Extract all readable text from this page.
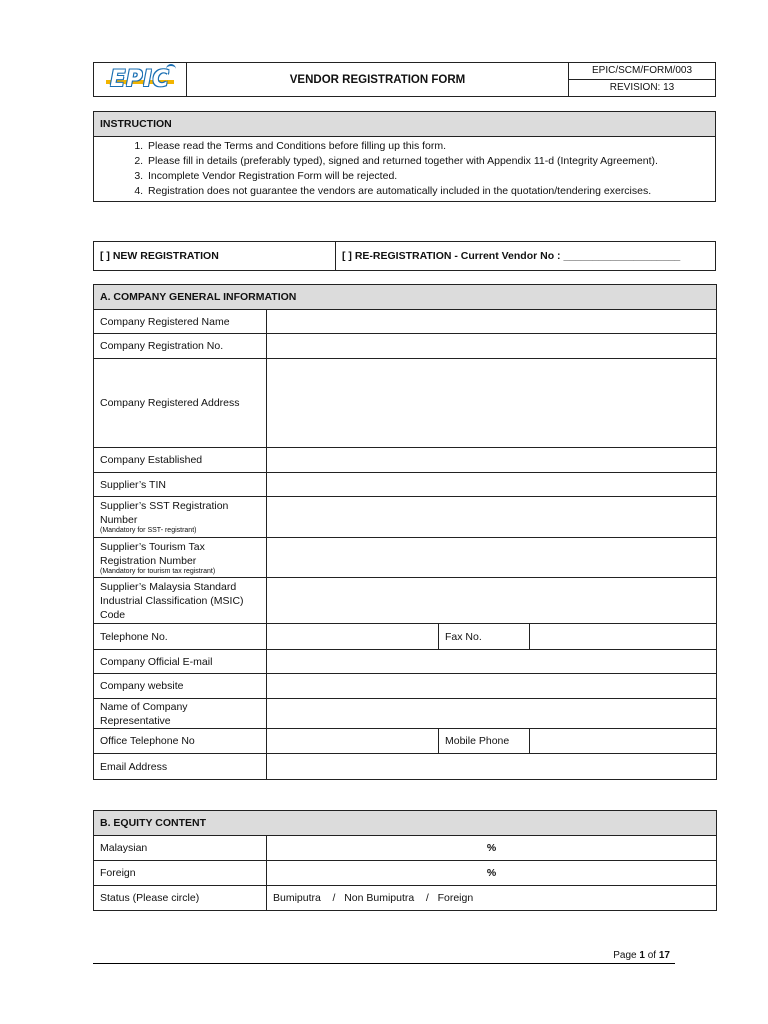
EPIC	VENDOR REGISTRATION FORM	EPIC/SCM/FORM/003
REVISION: 13
INSTRUCTION

1. Please read the Terms and Conditions before filling up this form.
2. Please fill in details (preferably typed), signed and returned together with Appendix 11-d (Integrity Agreement).
3. Incomplete Vendor Registration Form will be rejected.
4. Registration does not guarantee the vendors are automatically included in the quotation/tendering exercises.
[ ] NEW REGISTRATION	[ ] RE-REGISTRATION - Current Vendor No : ____________________
A. COMPANY GENERAL INFORMATION			
Company Registered Name			
Company Registration No.			
Company Registered Address			
Company Established			
Supplier’s TIN			
Supplier’s SST Registration Number
(Mandatory for SST- registrant)			

Supplier’s Tourism Tax Registration Number
(Mandatory for tourism tax registrant)			

Supplier’s Malaysia Standard Industrial Classification (MSIC) Code			
Telephone No.		Fax No.	
Company Official E-mail			
Company website			
Name of Company Representative			
Office Telephone No		Mobile Phone	
Email Address			
B. EQUITY CONTENT	
Malaysian	%
Foreign	%
Status (Please circle)	Bumiputra    /   Non Bumiputra    /   Foreign
Page 1 of 17
